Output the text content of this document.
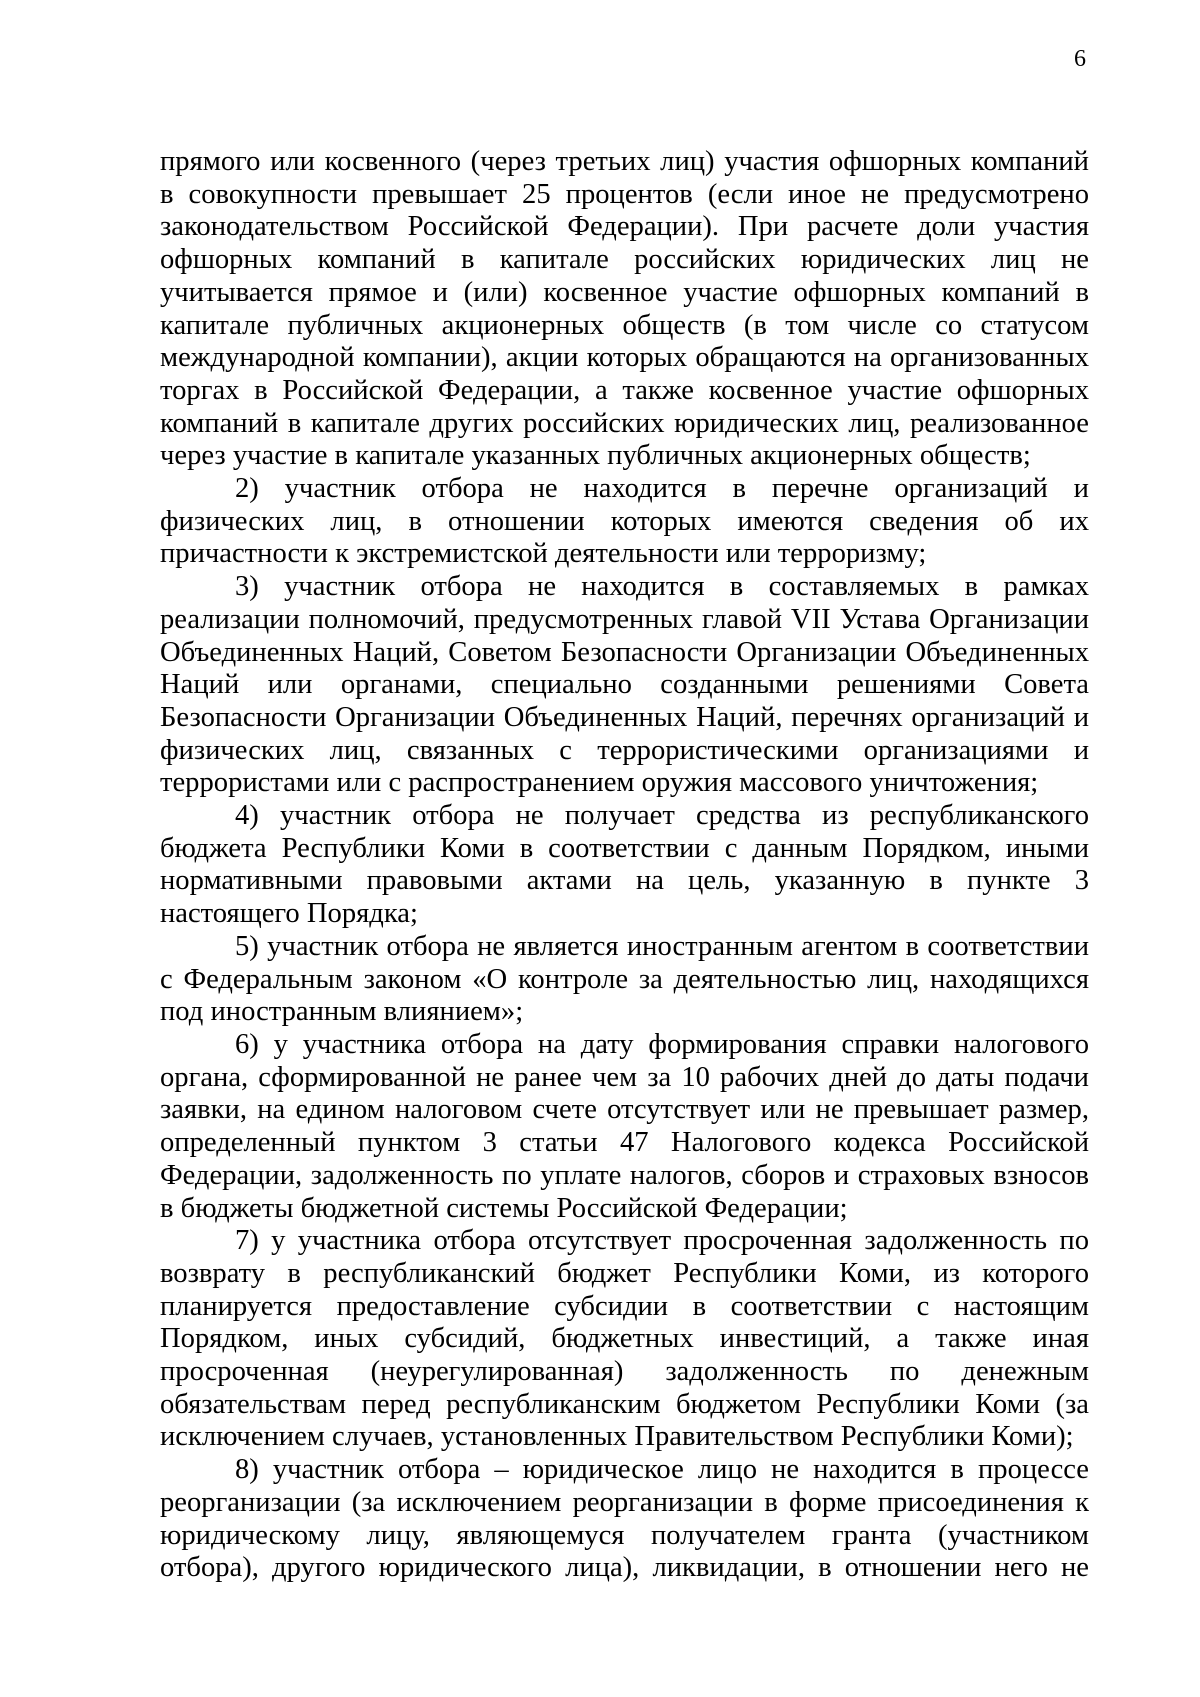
6

прямого или косвенного (через третьих лиц) участия офшорных компаний в совокупности превышает 25 процентов (если иное не предусмотрено законодательством Российской Федерации). При расчете доли участия офшорных компаний в капитале российских юридических лиц не учитывается прямое и (или) косвенное участие офшорных компаний в капитале публичных акционерных обществ (в том числе со статусом международной компании), акции которых обращаются на организованных торгах в Российской Федерации, а также косвенное участие офшорных компаний в капитале других российских юридических лиц, реализованное через участие в капитале указанных публичных акционерных обществ;

2) участник отбора не находится в перечне организаций и физических лиц, в отношении которых имеются сведения об их причастности к экстремистской деятельности или терроризму;

3) участник отбора не находится в составляемых в рамках реализации полномочий, предусмотренных главой VII Устава Организации Объединенных Наций, Советом Безопасности Организации Объединенных Наций или органами, специально созданными решениями Совета Безопасности Организации Объединенных Наций, перечнях организаций и физических лиц, связанных с террористическими организациями и террористами или с распространением оружия массового уничтожения;

4) участник отбора не получает средства из республиканского бюджета Республики Коми в соответствии с данным Порядком, иными нормативными правовыми актами на цель, указанную в пункте 3 настоящего Порядка;

5) участник отбора не является иностранным агентом в соответствии с Федеральным законом «О контроле за деятельностью лиц, находящихся под иностранным влиянием»;

6) у участника отбора на дату формирования справки налогового органа, сформированной не ранее чем за 10 рабочих дней до даты подачи заявки, на едином налоговом счете отсутствует или не превышает размер, определенный пунктом 3 статьи 47 Налогового кодекса Российской Федерации, задолженность по уплате налогов, сборов и страховых взносов в бюджеты бюджетной системы Российской Федерации;

7) у участника отбора отсутствует просроченная задолженность по возврату в республиканский бюджет Республики Коми, из которого планируется предоставление субсидии в соответствии с настоящим Порядком, иных субсидий, бюджетных инвестиций, а также иная просроченная (неурегулированная) задолженность по денежным обязательствам перед республиканским бюджетом Республики Коми (за исключением случаев, установленных Правительством Республики Коми);

8) участник отбора – юридическое лицо не находится в процессе реорганизации (за исключением реорганизации в форме присоединения к юридическому лицу, являющемуся получателем гранта (участником отбора), другого юридического лица), ликвидации, в отношении него не
